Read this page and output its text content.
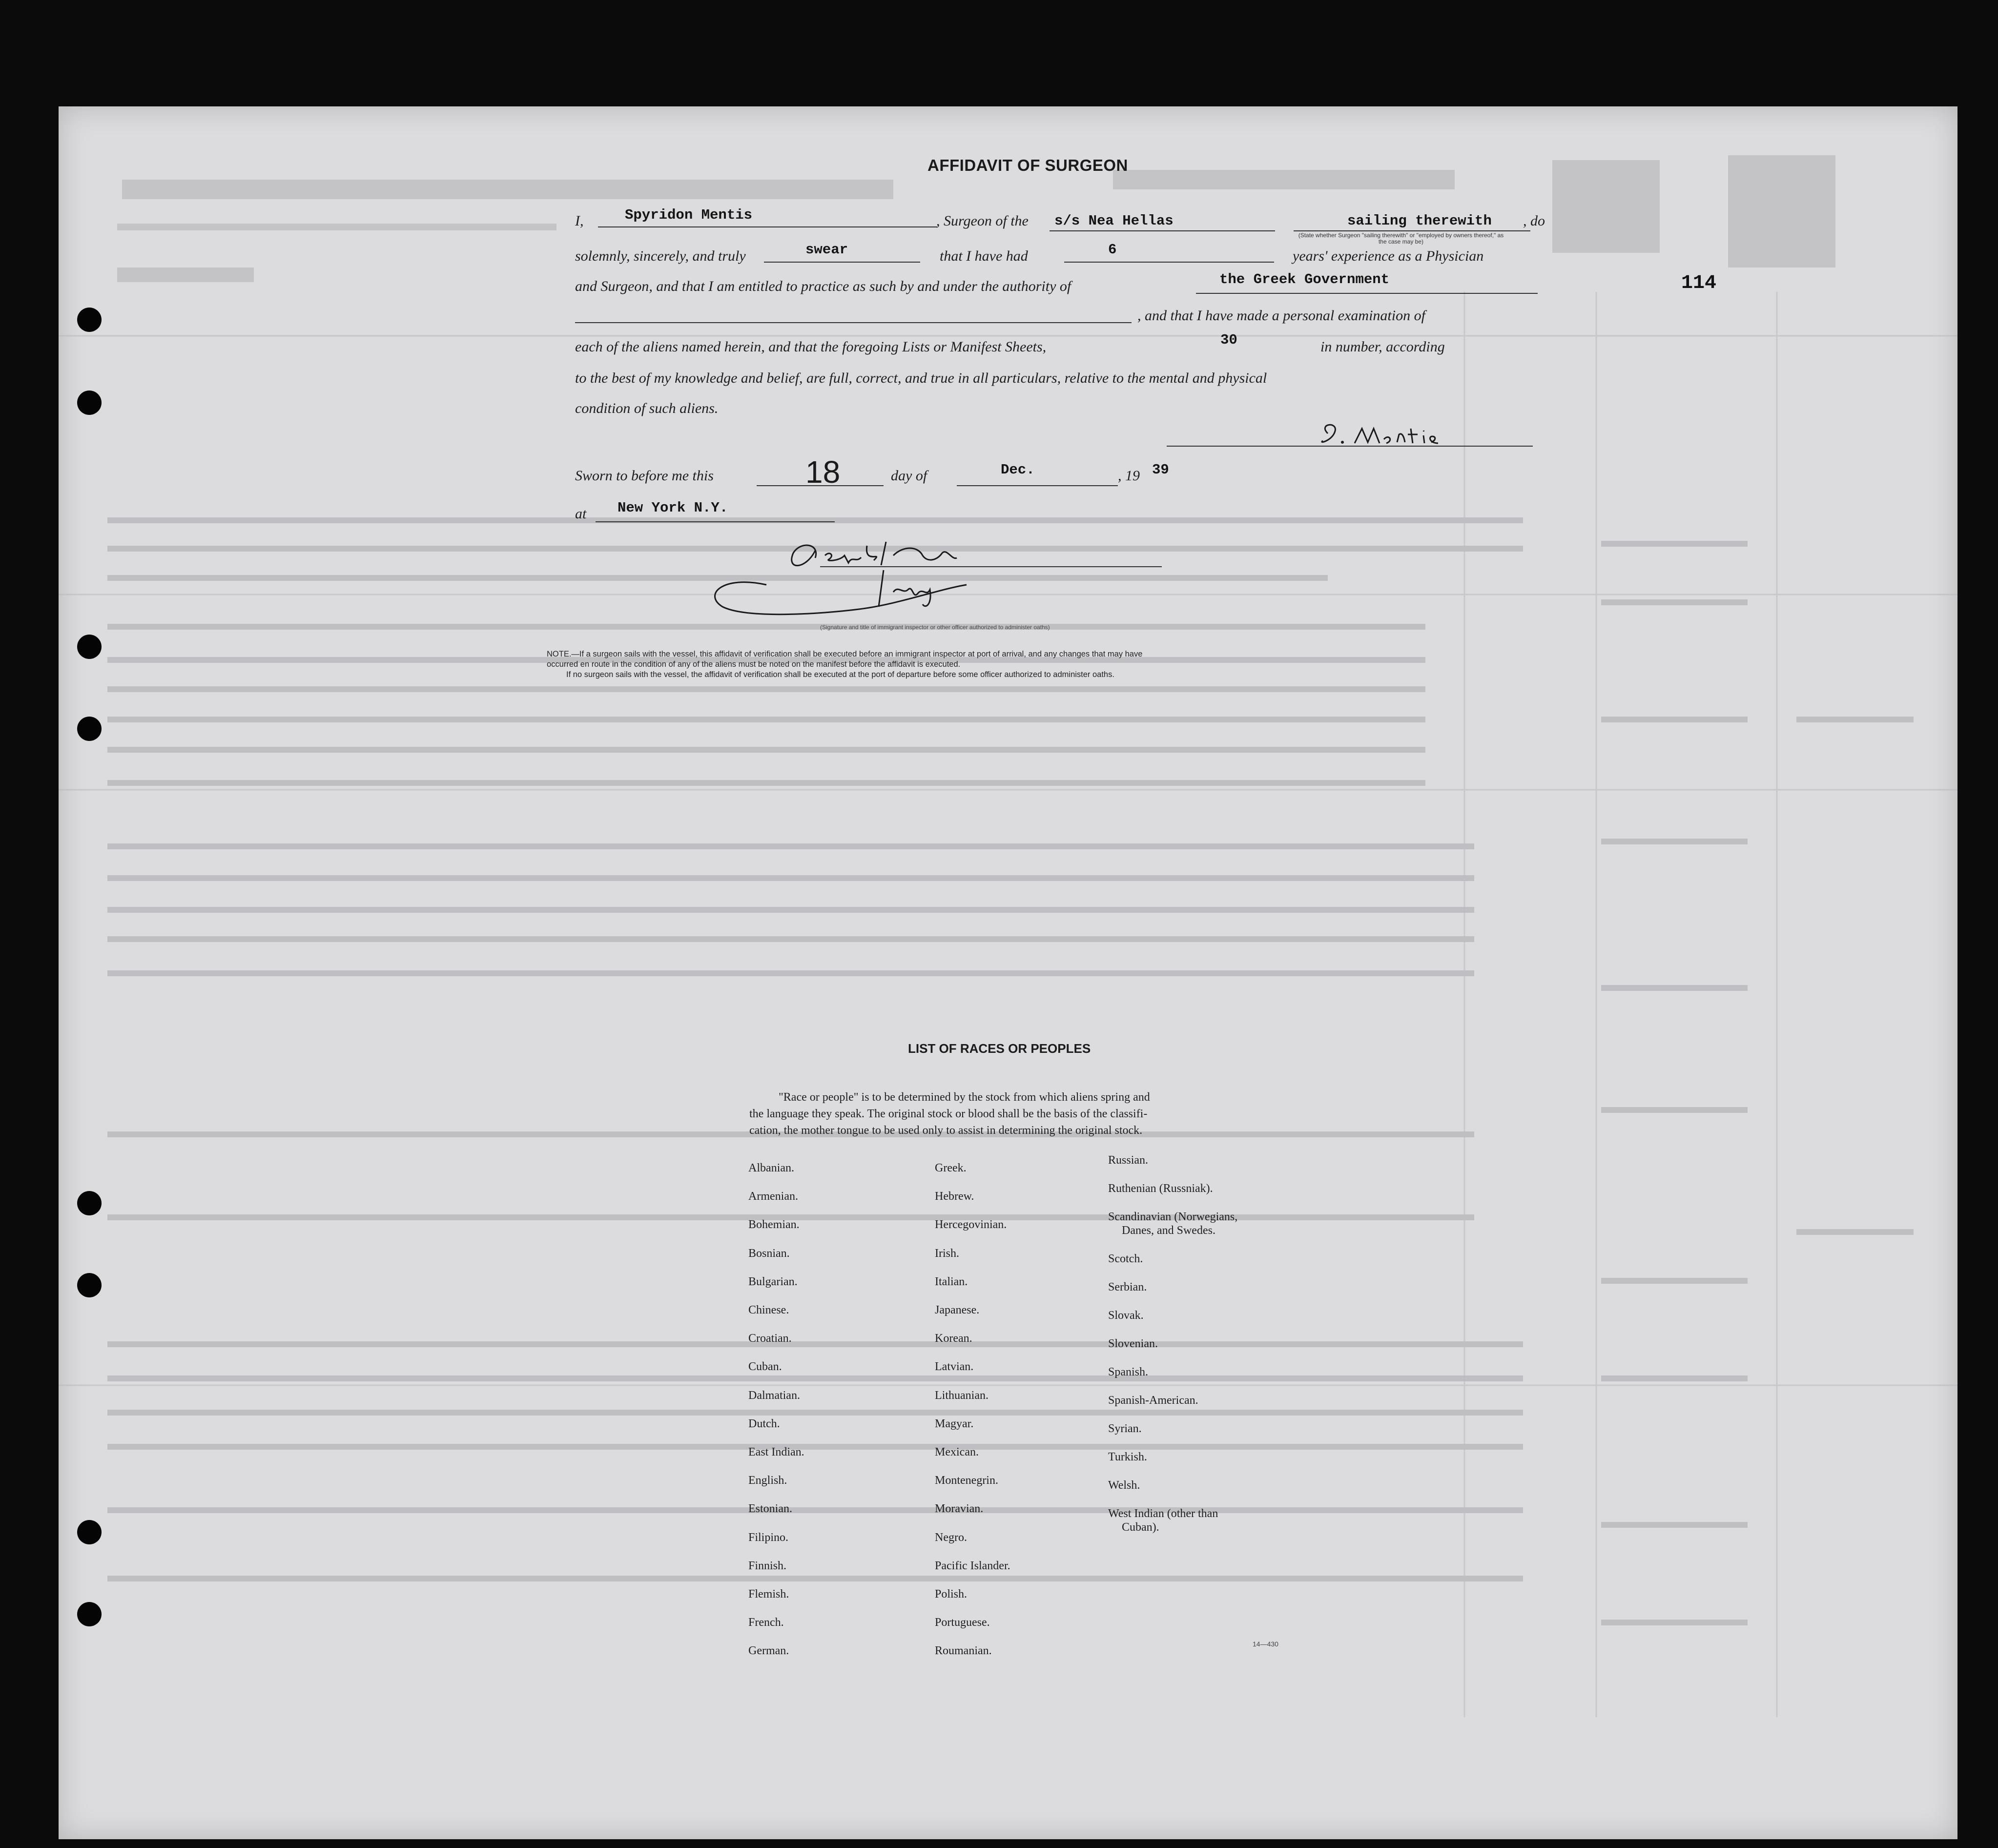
114
AFFIDAVIT OF SURGEON
I,	Spyridon Mentis	, Surgeon of the s/s Nea Hellas	sailing therewith , do
(State whether Surgeon "sailing therewith" or "employed by owners thereof," as the case may be)
solemnly, sincerely, and truly	swear	that I have had	6	years' experience as a Physician
and Surgeon, and that I am entitled to practice as such by and under the authority of	the Greek Government
, and that I have made a personal examination of
each of the aliens named herein, and that the foregoing Lists or Manifest Sheets,	30	in number, according
to the best of my knowledge and belief, are full, correct, and true in all particulars, relative to the mental and physical
condition of such aliens.
Sworn to before me this	18	day of	Dec.	, 19 39
at New York N.Y.
(Signature and title of immigrant inspector or other officer authorized to administer oaths)
NOTE.—If a surgeon sails with the vessel, this affidavit of verification shall be executed before an immigrant inspector at port of arrival, and any changes that may have
occurred en route in the condition of any of the aliens must be noted on the manifest before the affidavit is executed.
If no surgeon sails with the vessel, the affidavit of verification shall be executed at the port of departure before some officer authorized to administer oaths.
LIST OF RACES OR PEOPLES
"Race or people" is to be determined by the stock from which aliens spring and
the language they speak. The original stock or blood shall be the basis of the classifi-
cation, the mother tongue to be used only to assist in determining the original stock.
Albanian.
Armenian.
Bohemian.
Bosnian.
Bulgarian.
Chinese.
Croatian.
Cuban.
Dalmatian.
Dutch.
East Indian.
English.
Estonian.
Filipino.
Finnish.
Flemish.
French.
German.
Greek.
Hebrew.
Hercegovinian.
Irish.
Italian.
Japanese.
Korean.
Latvian.
Lithuanian.
Magyar.
Mexican.
Montenegrin.
Moravian.
Negro.
Pacific Islander.
Polish.
Portuguese.
Roumanian.
Russian.
Ruthenian (Russniak).
Scandinavian (Norwegians,
Danes, and Swedes.
Scotch.
Serbian.
Slovak.
Slovenian.
Spanish.
Spanish-American.
Syrian.
Turkish.
Welsh.
West Indian (other than
Cuban).
14—430
